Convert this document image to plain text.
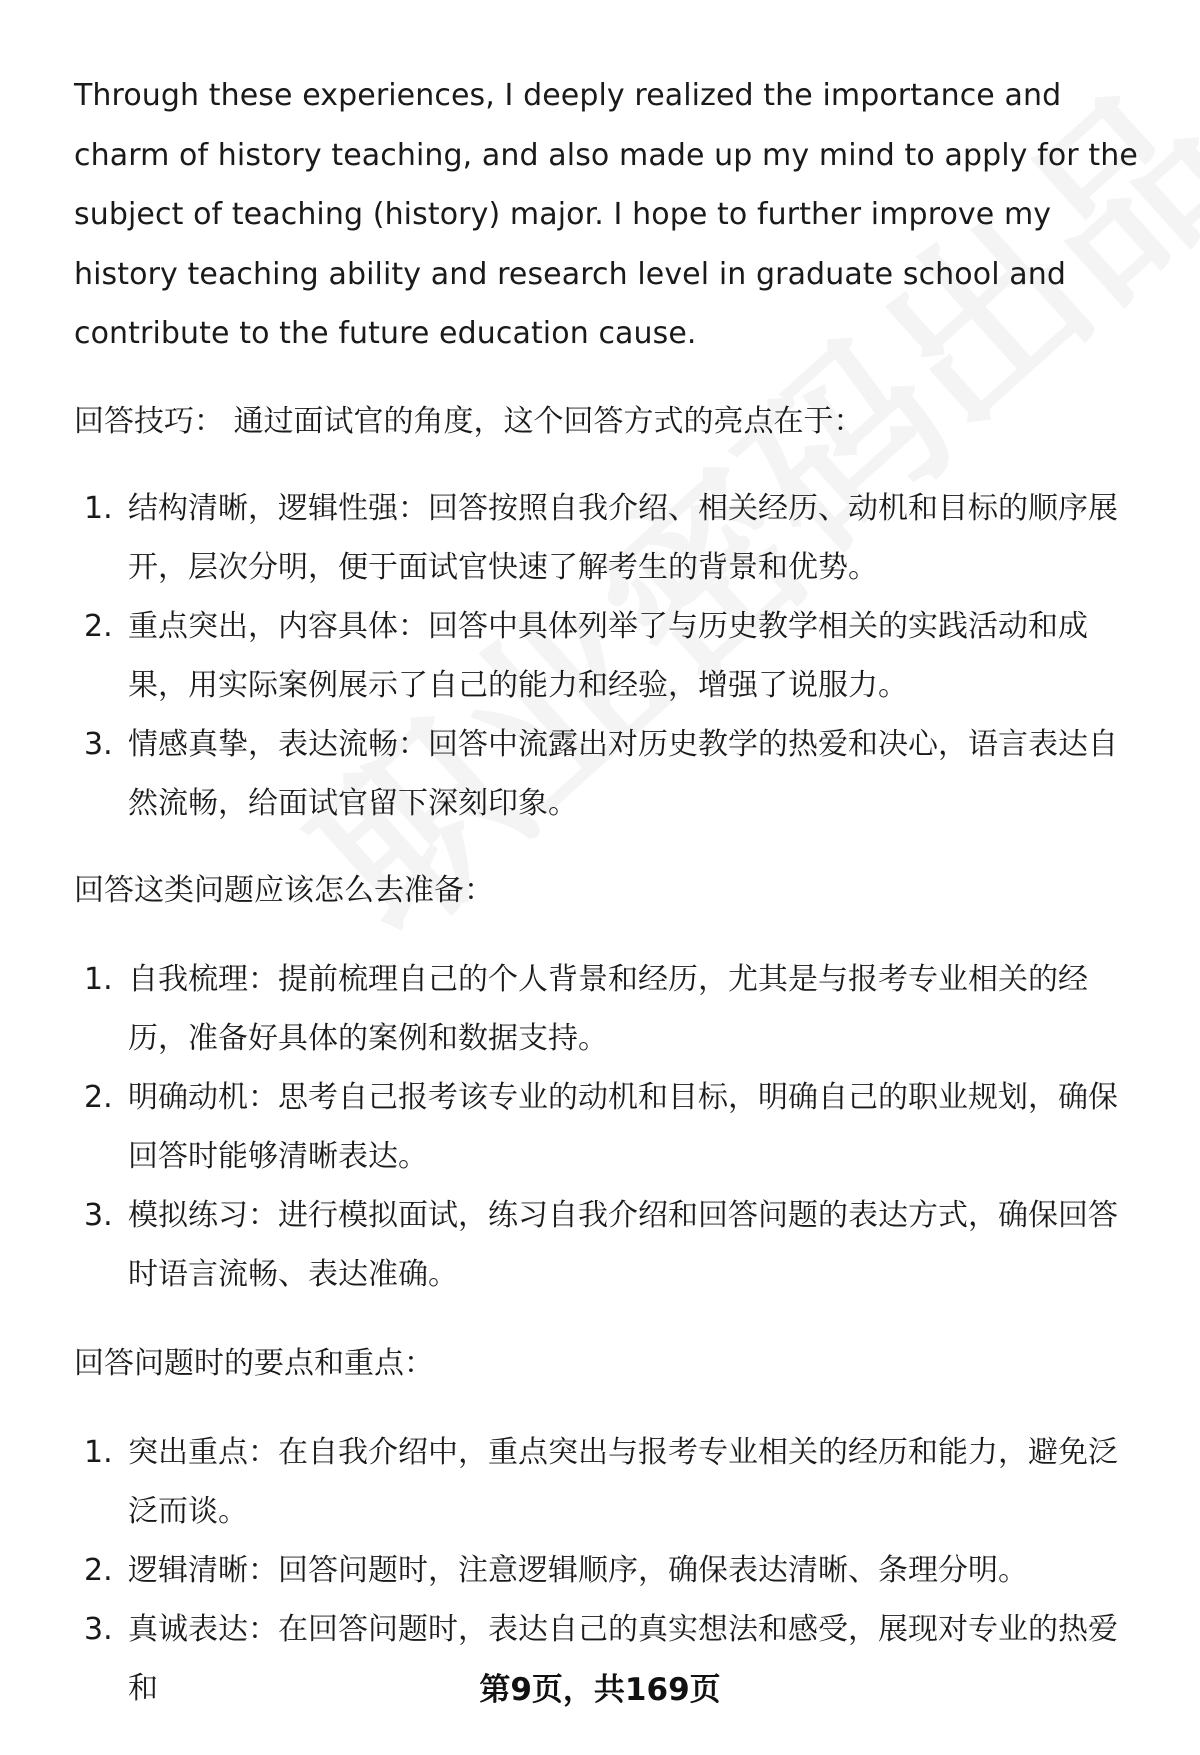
Through these experiences, I deeply realized the importance and charm of history teaching, and also made up my mind to apply for the subject of teaching (history) major. I hope to further improve my history teaching ability and research level in graduate school and contribute to the future education cause.

回答技巧： 通过面试官的角度，这个回答方式的亮点在于：

1. 结构清晰，逻辑性强：回答按照自我介绍、相关经历、动机和目标的顺序展开，层次分明，便于面试官快速了解考生的背景和优势。
2. 重点突出，内容具体：回答中具体列举了与历史教学相关的实践活动和成果，用实际案例展示了自己的能力和经验，增强了说服力。
3. 情感真挚，表达流畅：回答中流露出对历史教学的热爱和决心，语言表达自然流畅，给面试官留下深刻印象。

回答这类问题应该怎么去准备：

1. 自我梳理：提前梳理自己的个人背景和经历，尤其是与报考专业相关的经历，准备好具体的案例和数据支持。
2. 明确动机：思考自己报考该专业的动机和目标，明确自己的职业规划，确保回答时能够清晰表达。
3. 模拟练习：进行模拟面试，练习自我介绍和回答问题的表达方式，确保回答时语言流畅、表达准确。

回答问题时的要点和重点：

1. 突出重点：在自我介绍中，重点突出与报考专业相关的经历和能力，避免泛泛而谈。
2. 逻辑清晰：回答问题时，注意逻辑顺序，确保表达清晰、条理分明。
3. 真诚表达：在回答问题时，表达自己的真实想法和感受，展现对专业的热爱和	第9页，共169页
